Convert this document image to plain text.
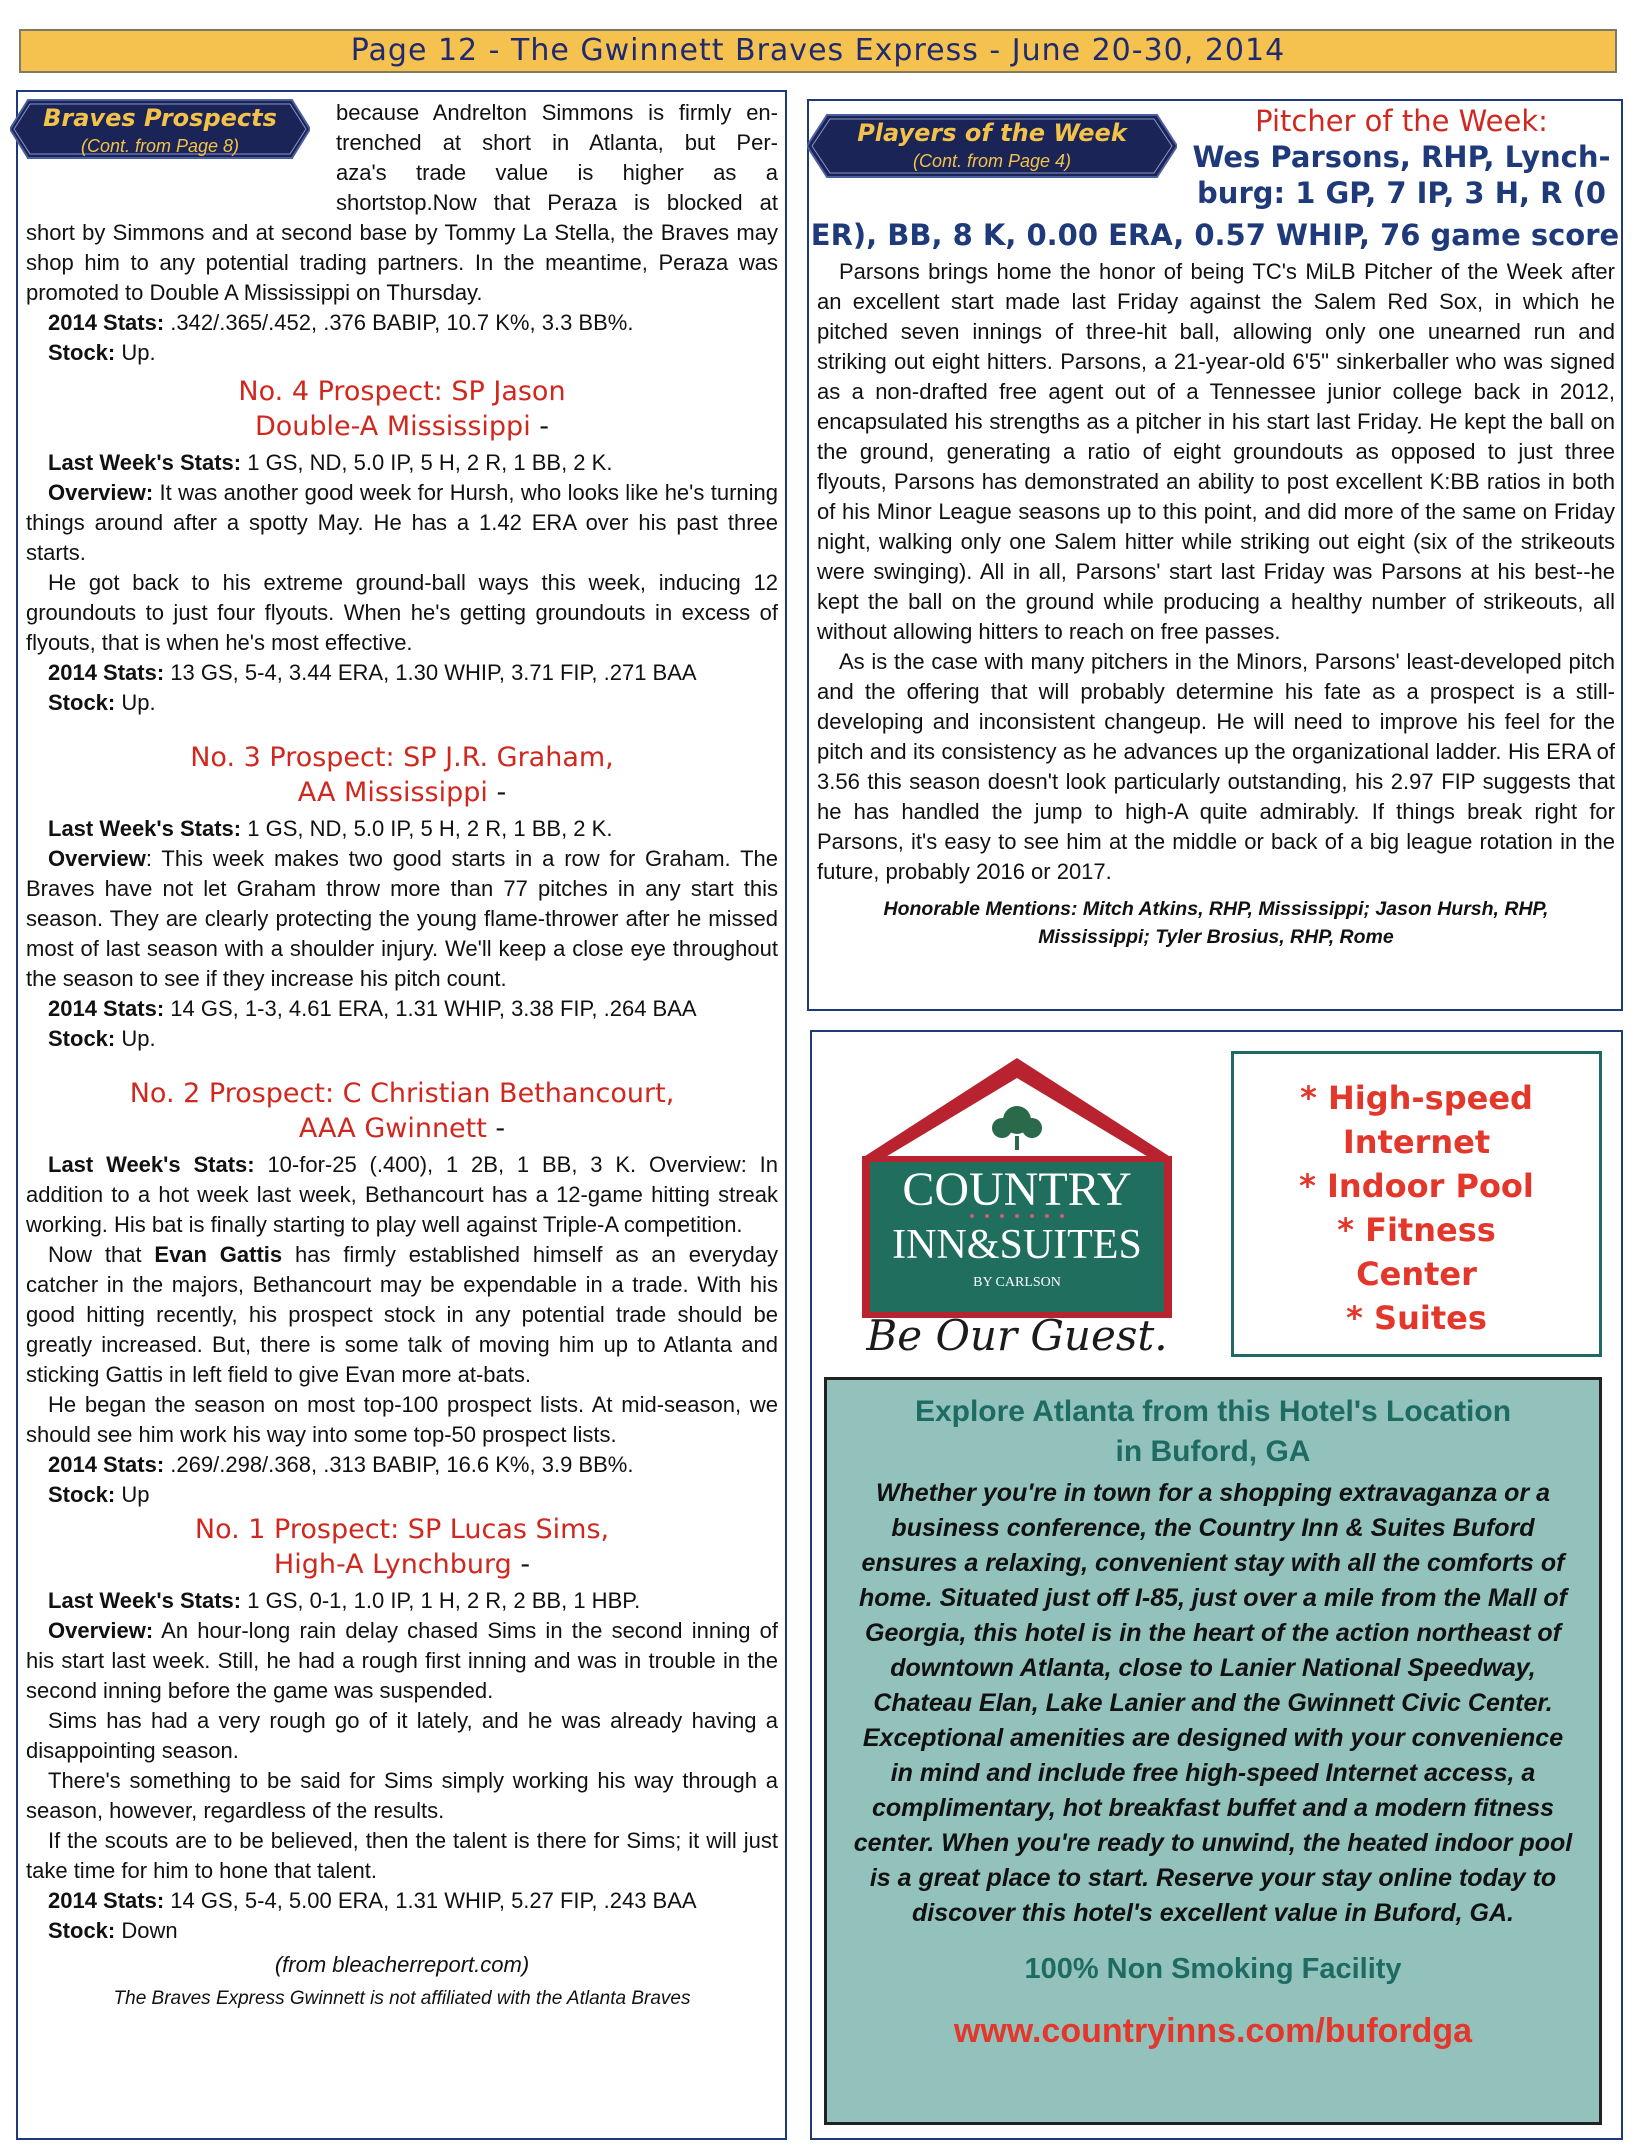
Page 12 - The Gwinnett Braves Express - June 20-30, 2014
Braves Prospects
(Cont. from Page 8)
because Andrelton Simmons is firmly en-
trenched at short in Atlanta, but Per-
aza's trade value is higher as a
shortstop.Now that Peraza is blocked at

short by Simmons and at second base by Tommy La Stella, the Braves may shop him to any potential trading partners. In the meantime, Peraza was promoted to Double A Mississippi on Thursday.

2014 Stats: .342/.365/.452, .376 BABIP, 10.7 K%, 3.3 BB%.

Stock: Up.

No. 4 Prospect: SP Jason

Double-A Mississippi -

Last Week's Stats: 1 GS, ND, 5.0 IP, 5 H, 2 R, 1 BB, 2 K.

Overview: It was another good week for Hursh, who looks like he's turning things around after a spotty May. He has a 1.42 ERA over his past three starts.

He got back to his extreme ground-ball ways this week, inducing 12 groundouts to just four flyouts. When he's getting groundouts in excess of flyouts, that is when he's most effective.

2014 Stats: 13 GS, 5-4, 3.44 ERA, 1.30 WHIP, 3.71 FIP, .271 BAA

Stock: Up.

No. 3 Prospect: SP J.R. Graham,

AA Mississippi -

Last Week's Stats: 1 GS, ND, 5.0 IP, 5 H, 2 R, 1 BB, 2 K.

Overview: This week makes two good starts in a row for Graham. The Braves have not let Graham throw more than 77 pitches in any start this season. They are clearly protecting the young flame-thrower after he missed most of last season with a shoulder injury. We'll keep a close eye throughout the season to see if they increase his pitch count.

2014 Stats: 14 GS, 1-3, 4.61 ERA, 1.31 WHIP, 3.38 FIP, .264 BAA

Stock: Up.

No. 2 Prospect: C Christian Bethancourt,

AAA Gwinnett -

Last Week's Stats: 10-for-25 (.400), 1 2B, 1 BB, 3 K. Overview: In addition to a hot week last week, Bethancourt has a 12-game hitting streak working. His bat is finally starting to play well against Triple-A competition.

Now that Evan Gattis has firmly established himself as an everyday catcher in the majors, Bethancourt may be expendable in a trade. With his good hitting recently, his prospect stock in any potential trade should be greatly increased. But, there is some talk of moving him up to Atlanta and sticking Gattis in left field to give Evan more at-bats.

He began the season on most top-100 prospect lists. At mid-season, we should see him work his way into some top-50 prospect lists.

2014 Stats: .269/.298/.368, .313 BABIP, 16.6 K%, 3.9 BB%.

Stock: Up

No. 1 Prospect: SP Lucas Sims,

High-A Lynchburg -

Last Week's Stats: 1 GS, 0-1, 1.0 IP, 1 H, 2 R, 2 BB, 1 HBP.

Overview: An hour-long rain delay chased Sims in the second inning of his start last week. Still, he had a rough first inning and was in trouble in the second inning before the game was suspended.

Sims has had a very rough go of it lately, and he was already having a disappointing season.

There's something to be said for Sims simply working his way through a season, however, regardless of the results.

If the scouts are to be believed, then the talent is there for Sims; it will just take time for him to hone that talent.

2014 Stats: 14 GS, 5-4, 5.00 ERA, 1.31 WHIP, 5.27 FIP, .243 BAA

Stock: Down

(from bleacherreport.com)

The Braves Express Gwinnett is not affiliated with the Atlanta Braves

Players of the Week
(Cont. from Page 4)
Pitcher of the Week:
Wes Parsons, RHP, Lynch-
burg: 1 GP, 7 IP, 3 H, R (0
ER), BB, 8 K, 0.00 ERA, 0.57 WHIP, 76 game score

Parsons brings home the honor of being TC's MiLB Pitcher of the Week after an excellent start made last Friday against the Salem Red Sox, in which he pitched seven innings of three-hit ball, allowing only one unearned run and striking out eight hitters. Parsons, a 21-year-old 6'5" sinkerballer who was signed as a non-drafted free agent out of a Tennessee junior college back in 2012, encapsulated his strengths as a pitcher in his start last Friday. He kept the ball on the ground, generating a ratio of eight groundouts as opposed to just three flyouts, Parsons has demonstrated an ability to post excellent K:BB ratios in both of his Minor League seasons up to this point, and did more of the same on Friday night, walking only one Salem hitter while striking out eight (six of the strikeouts were swinging). All in all, Parsons' start last Friday was Parsons at his best--he kept the ball on the ground while producing a healthy number of strikeouts, all without allowing hitters to reach on free passes.

As is the case with many pitchers in the Minors, Parsons' least-developed pitch and the offering that will probably determine his fate as a prospect is a still-developing and inconsistent changeup. He will need to improve his feel for the pitch and its consistency as he advances up the organizational ladder. His ERA of 3.56 this season doesn't look particularly outstanding, his 2.97 FIP suggests that he has handled the jump to high-A quite admirably. If things break right for Parsons, it's easy to see him at the middle or back of a big league rotation in the future, probably 2016 or 2017.

Honorable Mentions: Mitch Atkins, RHP, Mississippi; Jason Hursh, RHP,
Mississippi; Tyler Brosius, RHP, Rome

COUNTRY
INN&SUITES
BY CARLSON
Be Our Guest.
* High-speed
Internet
* Indoor Pool
* Fitness
Center
* Suites
Explore Atlanta from this Hotel's Location
in Buford, GA
Whether you're in town for a shopping extravaganza or a business conference, the Country Inn & Suites Buford ensures a relaxing, convenient stay with all the comforts of home. Situated just off I-85, just over a mile from the Mall of Georgia, this hotel is in the heart of the action northeast of downtown Atlanta, close to Lanier National Speedway, Chateau Elan, Lake Lanier and the Gwinnett Civic Center. Exceptional amenities are designed with your convenience in mind and include free high-speed Internet access, a complimentary, hot breakfast buffet and a modern fitness center. When you're ready to unwind, the heated indoor pool is a great place to start. Reserve your stay online today to discover this hotel's excellent value in Buford, GA.
100% Non Smoking Facility
www.countryinns.com/bufordga
